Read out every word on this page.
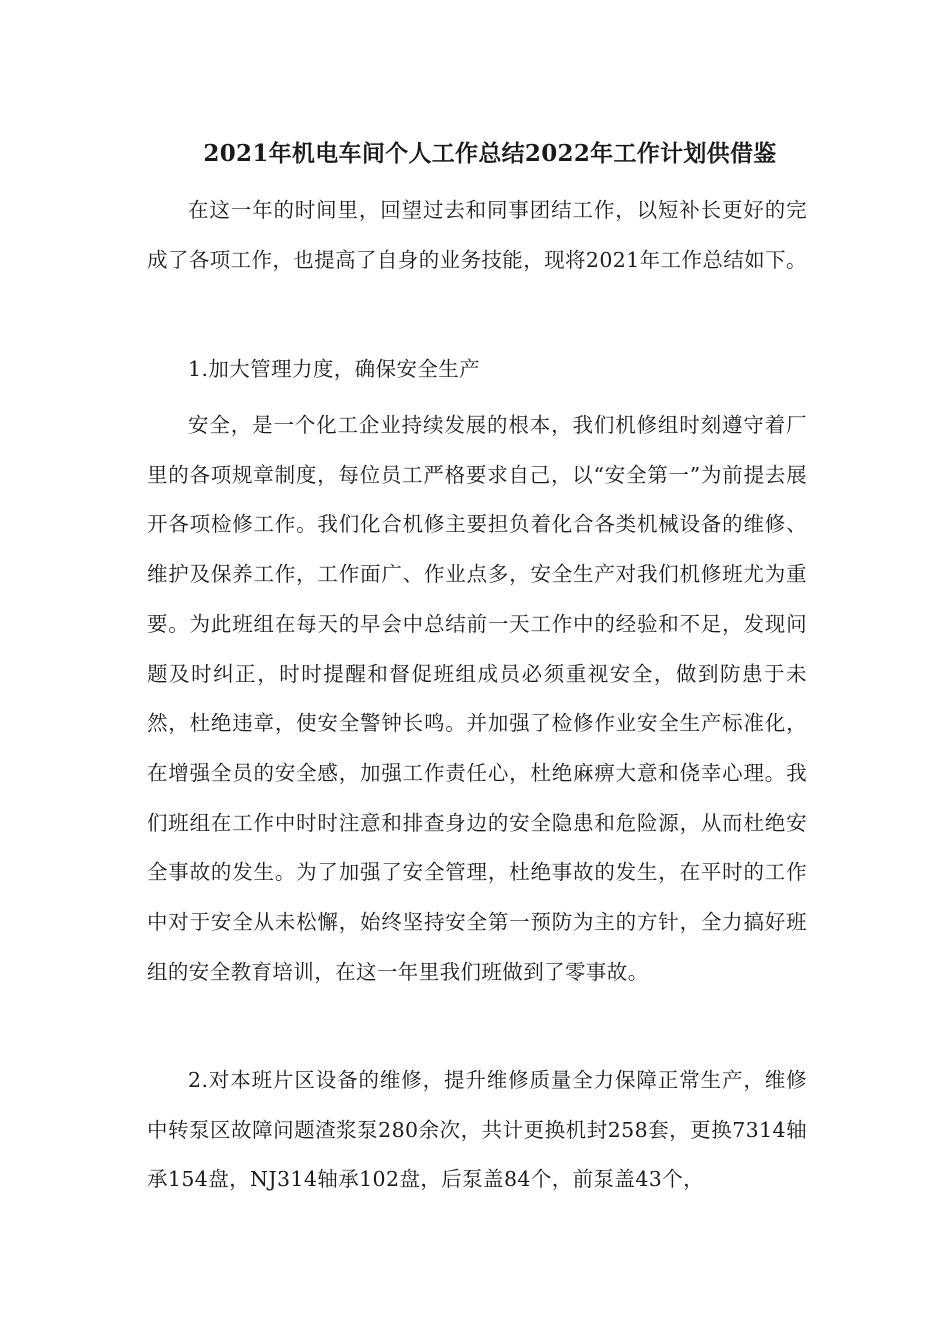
2021年机电车间个人工作总结2022年工作计划供借鉴

在这一年的时间里，回望过去和同事团结工作，以短补长更好的完成了各项工作，也提高了自身的业务技能，现将2021年工作总结如下。

1.加大管理力度，确保安全生产

安全，是一个化工企业持续发展的根本，我们机修组时刻遵守着厂里的各项规章制度，每位员工严格要求自己，以“安全第一”为前提去展开各项检修工作。我们化合机修主要担负着化合各类机械设备的维修、维护及保养工作，工作面广、作业点多，安全生产对我们机修班尤为重要。为此班组在每天的早会中总结前一天工作中的经验和不足，发现问题及时纠正，时时提醒和督促班组成员必须重视安全，做到防患于未然，杜绝违章，使安全警钟长鸣。并加强了检修作业安全生产标准化，在增强全员的安全感，加强工作责任心，杜绝麻痹大意和侥幸心理。我们班组在工作中时时注意和排查身边的安全隐患和危险源，从而杜绝安全事故的发生。为了加强了安全管理，杜绝事故的发生，在平时的工作中对于安全从未松懈，始终坚持安全第一预防为主的方针，全力搞好班组的安全教育培训，在这一年里我们班做到了零事故。

2.对本班片区设备的维修，提升维修质量全力保障正常生产，维修中转泵区故障问题渣浆泵280余次，共计更换机封258套，更换7314轴承154盘，NJ314轴承102盘，后泵盖84个，前泵盖43个，
